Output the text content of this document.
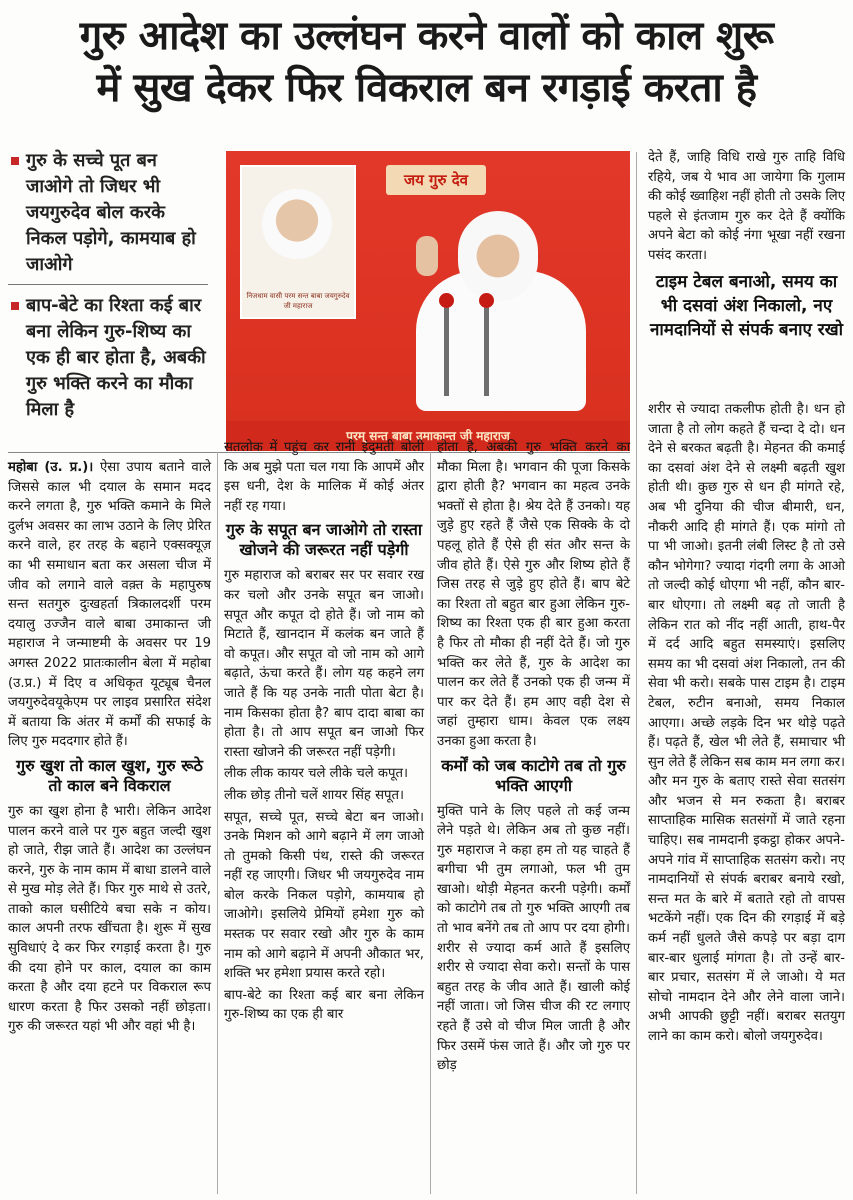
गुरु आदेश का उल्लंघन करने वालों को काल शुरू
में सुख देकर फिर विकराल बन रगड़ाई करता है
गुरु के सच्चे पूत बन जाओगे तो जिधर भी जयगुरुदेव बोल करके निकल पड़ोगे, कामयाब हो जाओगे
बाप-बेटे का रिश्ता कई बार बना लेकिन गुरु-शिष्य का एक ही बार होता है, अबकी गुरु भक्ति करने का मौका मिला है
जय गुरु देव
निजधाम वासी परम सन्त बाबा जयगुरुदेव जी महाराज
परम् सन्त बाबा उमाकान्त जी महाराज

देते हैं, जाहि विधि राखे गुरु ताहि विधि रहिये, जब ये भाव आ जायेगा कि गुलाम की कोई ख्वाहिश नहीं होती तो उसके लिए पहले से इंतजाम गुरु कर देते हैं क्योंकि अपने बेटा को कोई नंगा भूखा नहीं रखना पसंद करता।

टाइम टेबल बनाओ, समय का भी दसवां अंश निकालो, नए नामदानियों से संपर्क बनाए रखो

महोबा (उ. प्र.)। ऐसा उपाय बताने वाले जिससे काल भी दयाल के समान मदद करने लगता है, गुरु भक्ति कमाने के मिले दुर्लभ अवसर का लाभ उठाने के लिए प्रेरित करने वाले, हर तरह के बहाने एक्सक्यूज़ का भी समाधान बता कर असला चीज में जीव को लगाने वाले वक़्त के महापुरुष सन्त सतगुरु दुःखहर्ता त्रिकालदर्शी परम दयालु उज्जैन वाले बाबा उमाकान्त जी महाराज ने जन्माष्टमी के अवसर पर 19 अगस्त 2022 प्रातःकालीन बेला में महोबा (उ.प्र.) में दिए व अधिकृत यूट्यूब चैनल जयगुरुदेवयूकेएम पर लाइव प्रसारित संदेश में बताया कि अंतर में कर्मों की सफाई के लिए गुरु मददगार होते हैं।

गुरु खुश तो काल खुश, गुरु रूठे तो काल बने विकराल

गुरु का खुश होना है भारी। लेकिन आदेश पालन करने वाले पर गुरु बहुत जल्दी खुश हो जाते, रीझ जाते हैं। आदेश का उल्लंघन करने, गुरु के नाम काम में बाधा डालने वाले से मुख मोड़ लेते हैं। फिर गुरु माथे से उतरे, ताको काल घसीटिये बचा सके न कोय। काल अपनी तरफ खींचता है। शुरू में सुख सुविधाएं दे कर फिर रगड़ाई करता है। गुरु की दया होने पर काल, दयाल का काम करता है और दया हटने पर विकराल रूप धारण करता है फिर उसको नहीं छोड़ता। गुरु की जरूरत यहां भी और वहां भी है।

सतलोक में पहुंच कर रानी इंदुमती बोली कि अब मुझे पता चल गया कि आपमें और इस धनी, देश के मालिक में कोई अंतर नहीं रह गया।

गुरु के सपूत बन जाओगे तो रास्ता खोजने की जरूरत नहीं पड़ेगी

गुरु महाराज को बराबर सर पर सवार रख कर चलो और उनके सपूत बन जाओ। सपूत और कपूत दो होते हैं। जो नाम को मिटाते हैं, खानदान में कलंक बन जाते हैं वो कपूत। और सपूत वो जो नाम को आगे बढ़ाते, ऊंचा करते हैं। लोग यह कहने लग जाते हैं कि यह उनके नाती पोता बेटा है। नाम किसका होता है? बाप दादा बाबा का होता है। तो आप सपूत बन जाओ फिर रास्ता खोजने की जरूरत नहीं पड़ेगी।

लीक लीक कायर चले लीके चले कपूत।

लीक छोड़ तीनो चलें शायर सिंह सपूत।

सपूत, सच्चे पूत, सच्चे बेटा बन जाओ। उनके मिशन को आगे बढ़ाने में लग जाओ तो तुमको किसी पंथ, रास्ते की जरूरत नहीं रह जाएगी। जिधर भी जयगुरुदेव नाम बोल करके निकल पड़ोगे, कामयाब हो जाओगे। इसलिये प्रेमियों हमेशा गुरु को मस्तक पर सवार रखो और गुरु के काम नाम को आगे बढ़ाने में अपनी औकात भर, शक्ति भर हमेशा प्रयास करते रहो।

बाप-बेटे का रिश्ता कई बार बना लेकिन गुरु-शिष्य का एक ही बार

होता है, अबकी गुरु भक्ति करने का मौका मिला है। भगवान की पूजा किसके द्वारा होती है? भगवान का महत्व उनके भक्तों से होता है। श्रेय देते हैं उनको। यह जुड़े हुए रहते हैं जैसे एक सिक्के के दो पहलू होते हैं ऐसे ही संत और सन्त के जीव होते हैं। ऐसे गुरु और शिष्य होते हैं जिस तरह से जुड़े हुए होते हैं। बाप बेटे का रिश्ता तो बहुत बार हुआ लेकिन गुरु-शिष्य का रिश्ता एक ही बार हुआ करता है फिर तो मौका ही नहीं देते हैं। जो गुरु भक्ति कर लेते हैं, गुरु के आदेश का पालन कर लेते हैं उनको एक ही जन्म में पार कर देते हैं। हम आए वही देश से जहां तुम्हारा धाम। केवल एक लक्ष्य उनका हुआ करता है।

कर्मों को जब काटोगे तब तो गुरु भक्ति आएगी

मुक्ति पाने के लिए पहले तो कई जन्म लेने पड़ते थे। लेकिन अब तो कुछ नहीं। गुरु महाराज ने कहा हम तो यह चाहते हैं बगीचा भी तुम लगाओ, फल भी तुम खाओ। थोड़ी मेहनत करनी पड़ेगी। कर्मों को काटोगे तब तो गुरु भक्ति आएगी तब तो भाव बनेंगे तब तो आप पर दया होगी। शरीर से ज्यादा कर्म आते हैं इसलिए शरीर से ज्यादा सेवा करो। सन्तों के पास बहुत तरह के जीव आते हैं। खाली कोई नहीं जाता। जो जिस चीज की रट लगाए रहते हैं उसे वो चीज मिल जाती है और फिर उसमें फंस जाते हैं। और जो गुरु पर छोड़

शरीर से ज्यादा तकलीफ होती है। धन हो जाता है तो लोग कहते हैं चन्दा दे दो। धन देने से बरकत बढ़ती है। मेहनत की कमाई का दसवां अंश देने से लक्ष्मी बढ़ती खुश होती थी। कुछ गुरु से धन ही मांगते रहे, अब भी दुनिया की चीज बीमारी, धन, नौकरी आदि ही मांगते हैं। एक मांगो तो पा भी जाओ। इतनी लंबी लिस्ट है तो उसे कौन भोगेगा? ज्यादा गंदगी लगा के आओ तो जल्दी कोई धोएगा भी नहीं, कौन बार-बार धोएगा। तो लक्ष्मी बढ़ तो जाती है लेकिन रात को नींद नहीं आती, हाथ-पैर में दर्द आदि बहुत समस्याएं। इसलिए समय का भी दसवां अंश निकालो, तन की सेवा भी करो। सबके पास टाइम है। टाइम टेबल, रुटीन बनाओ, समय निकाल आएगा। अच्छे लड़के दिन भर थोड़े पढ़ते हैं। पढ़ते हैं, खेल भी लेते हैं, समाचार भी सुन लेते हैं लेकिन सब काम मन लगा कर। और मन गुरु के बताए रास्ते सेवा सतसंग और भजन से मन रुकता है। बराबर साप्ताहिक मासिक सतसंगों में जाते रहना चाहिए। सब नामदानी इकट्ठा होकर अपने-अपने गांव में साप्ताहिक सतसंग करो। नए नामदानियों से संपर्क बराबर बनाये रखो, सन्त मत के बारे में बताते रहो तो वापस भटकेंगे नहीं। एक दिन की रगड़ाई में बड़े कर्म नहीं धुलते जैसे कपड़े पर बड़ा दाग बार-बार धुलाई मांगता है। तो उन्हें बार-बार प्रचार, सतसंग में ले जाओ। ये मत सोचो नामदान देने और लेने वाला जाने। अभी आपकी छुट्टी नहीं। बराबर सतयुग लाने का काम करो। बोलो जयगुरुदेव।
